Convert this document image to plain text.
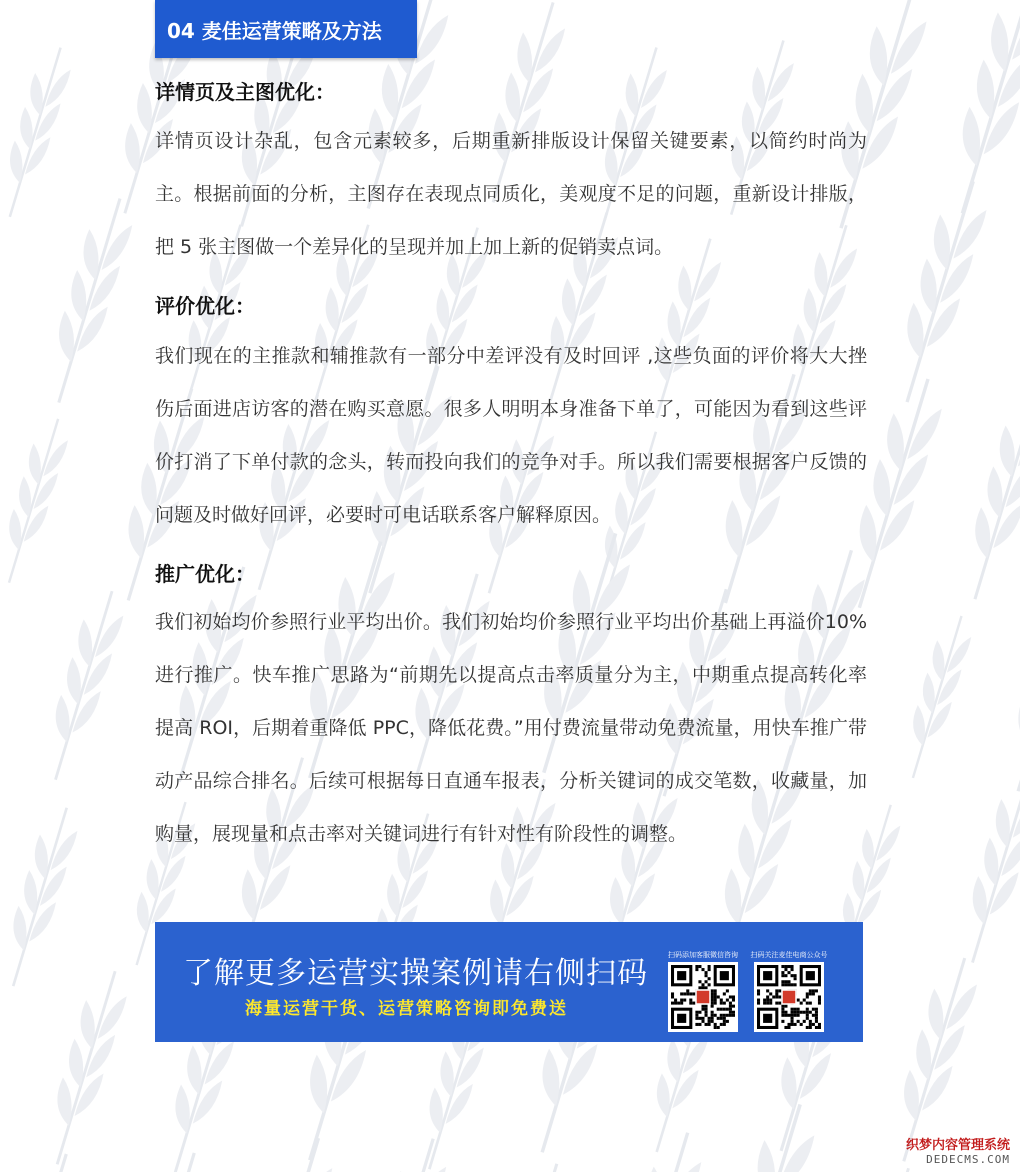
04 麦佳运营策略及方法
详情页及主图优化：

详情页设计杂乱，包含元素较多，后期重新排版设计保留关键要素，以简约时尚为主。根据前面的分析，主图存在表现点同质化，美观度不足的问题，重新设计排版，把 5 张主图做一个差异化的呈现并加上加上新的促销卖点词。

评价优化：

我们现在的主推款和辅推款有一部分中差评没有及时回评 ,这些负面的评价将大大挫伤后面进店访客的潜在购买意愿。很多人明明本身准备下单了，可能因为看到这些评价打消了下单付款的念头，转而投向我们的竞争对手。所以我们需要根据客户反馈的问题及时做好回评，必要时可电话联系客户解释原因。

推广优化：

我们初始均价参照行业平均出价。我们初始均价参照行业平均出价基础上再溢价10%进行推广。快车推广思路为“前期先以提高点击率质量分为主，中期重点提高转化率提高 ROI，后期着重降低 PPC，降低花费。”用付费流量带动免费流量，用快车推广带动产品综合排名。后续可根据每日直通车报表，分析关键词的成交笔数，收藏量，加购量，展现量和点击率对关键词进行有针对性有阶段性的调整。

了解更多运营实操案例请右侧扫码
海量运营干货、运营策略咨询即免费送
扫码添加客服微信咨询	扫码关注麦佳电商公众号
织梦内容管理系统
DEDECMS.COM
